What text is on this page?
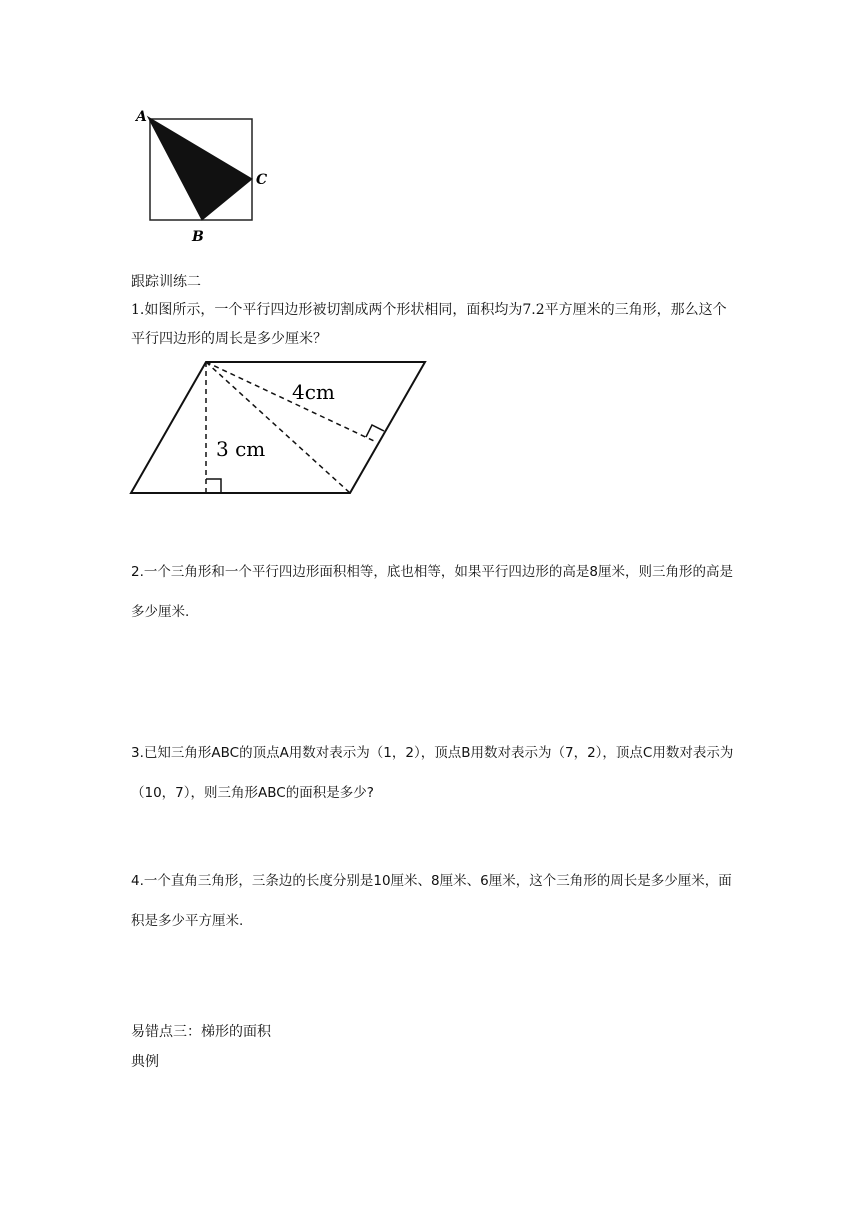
A
C
B
跟踪训练二
1.如图所示，一个平行四边形被切割成两个形状相同，面积均为7.2平方厘米的三角形，那么这个平行四边形的周长是多少厘米？
4cm
3 cm
2.一个三角形和一个平行四边形面积相等，底也相等，如果平行四边形的高是8厘米，则三角形的高是多少厘米.
3.已知三角形ABC的顶点A用数对表示为（1，2），顶点B用数对表示为（7，2），顶点C用数对表示为（10，7），则三角形ABC的面积是多少?
4.一个直角三角形，三条边的长度分别是10厘米、8厘米、6厘米，这个三角形的周长是多少厘米，面积是多少平方厘米.
易错点三：梯形的面积
典例
